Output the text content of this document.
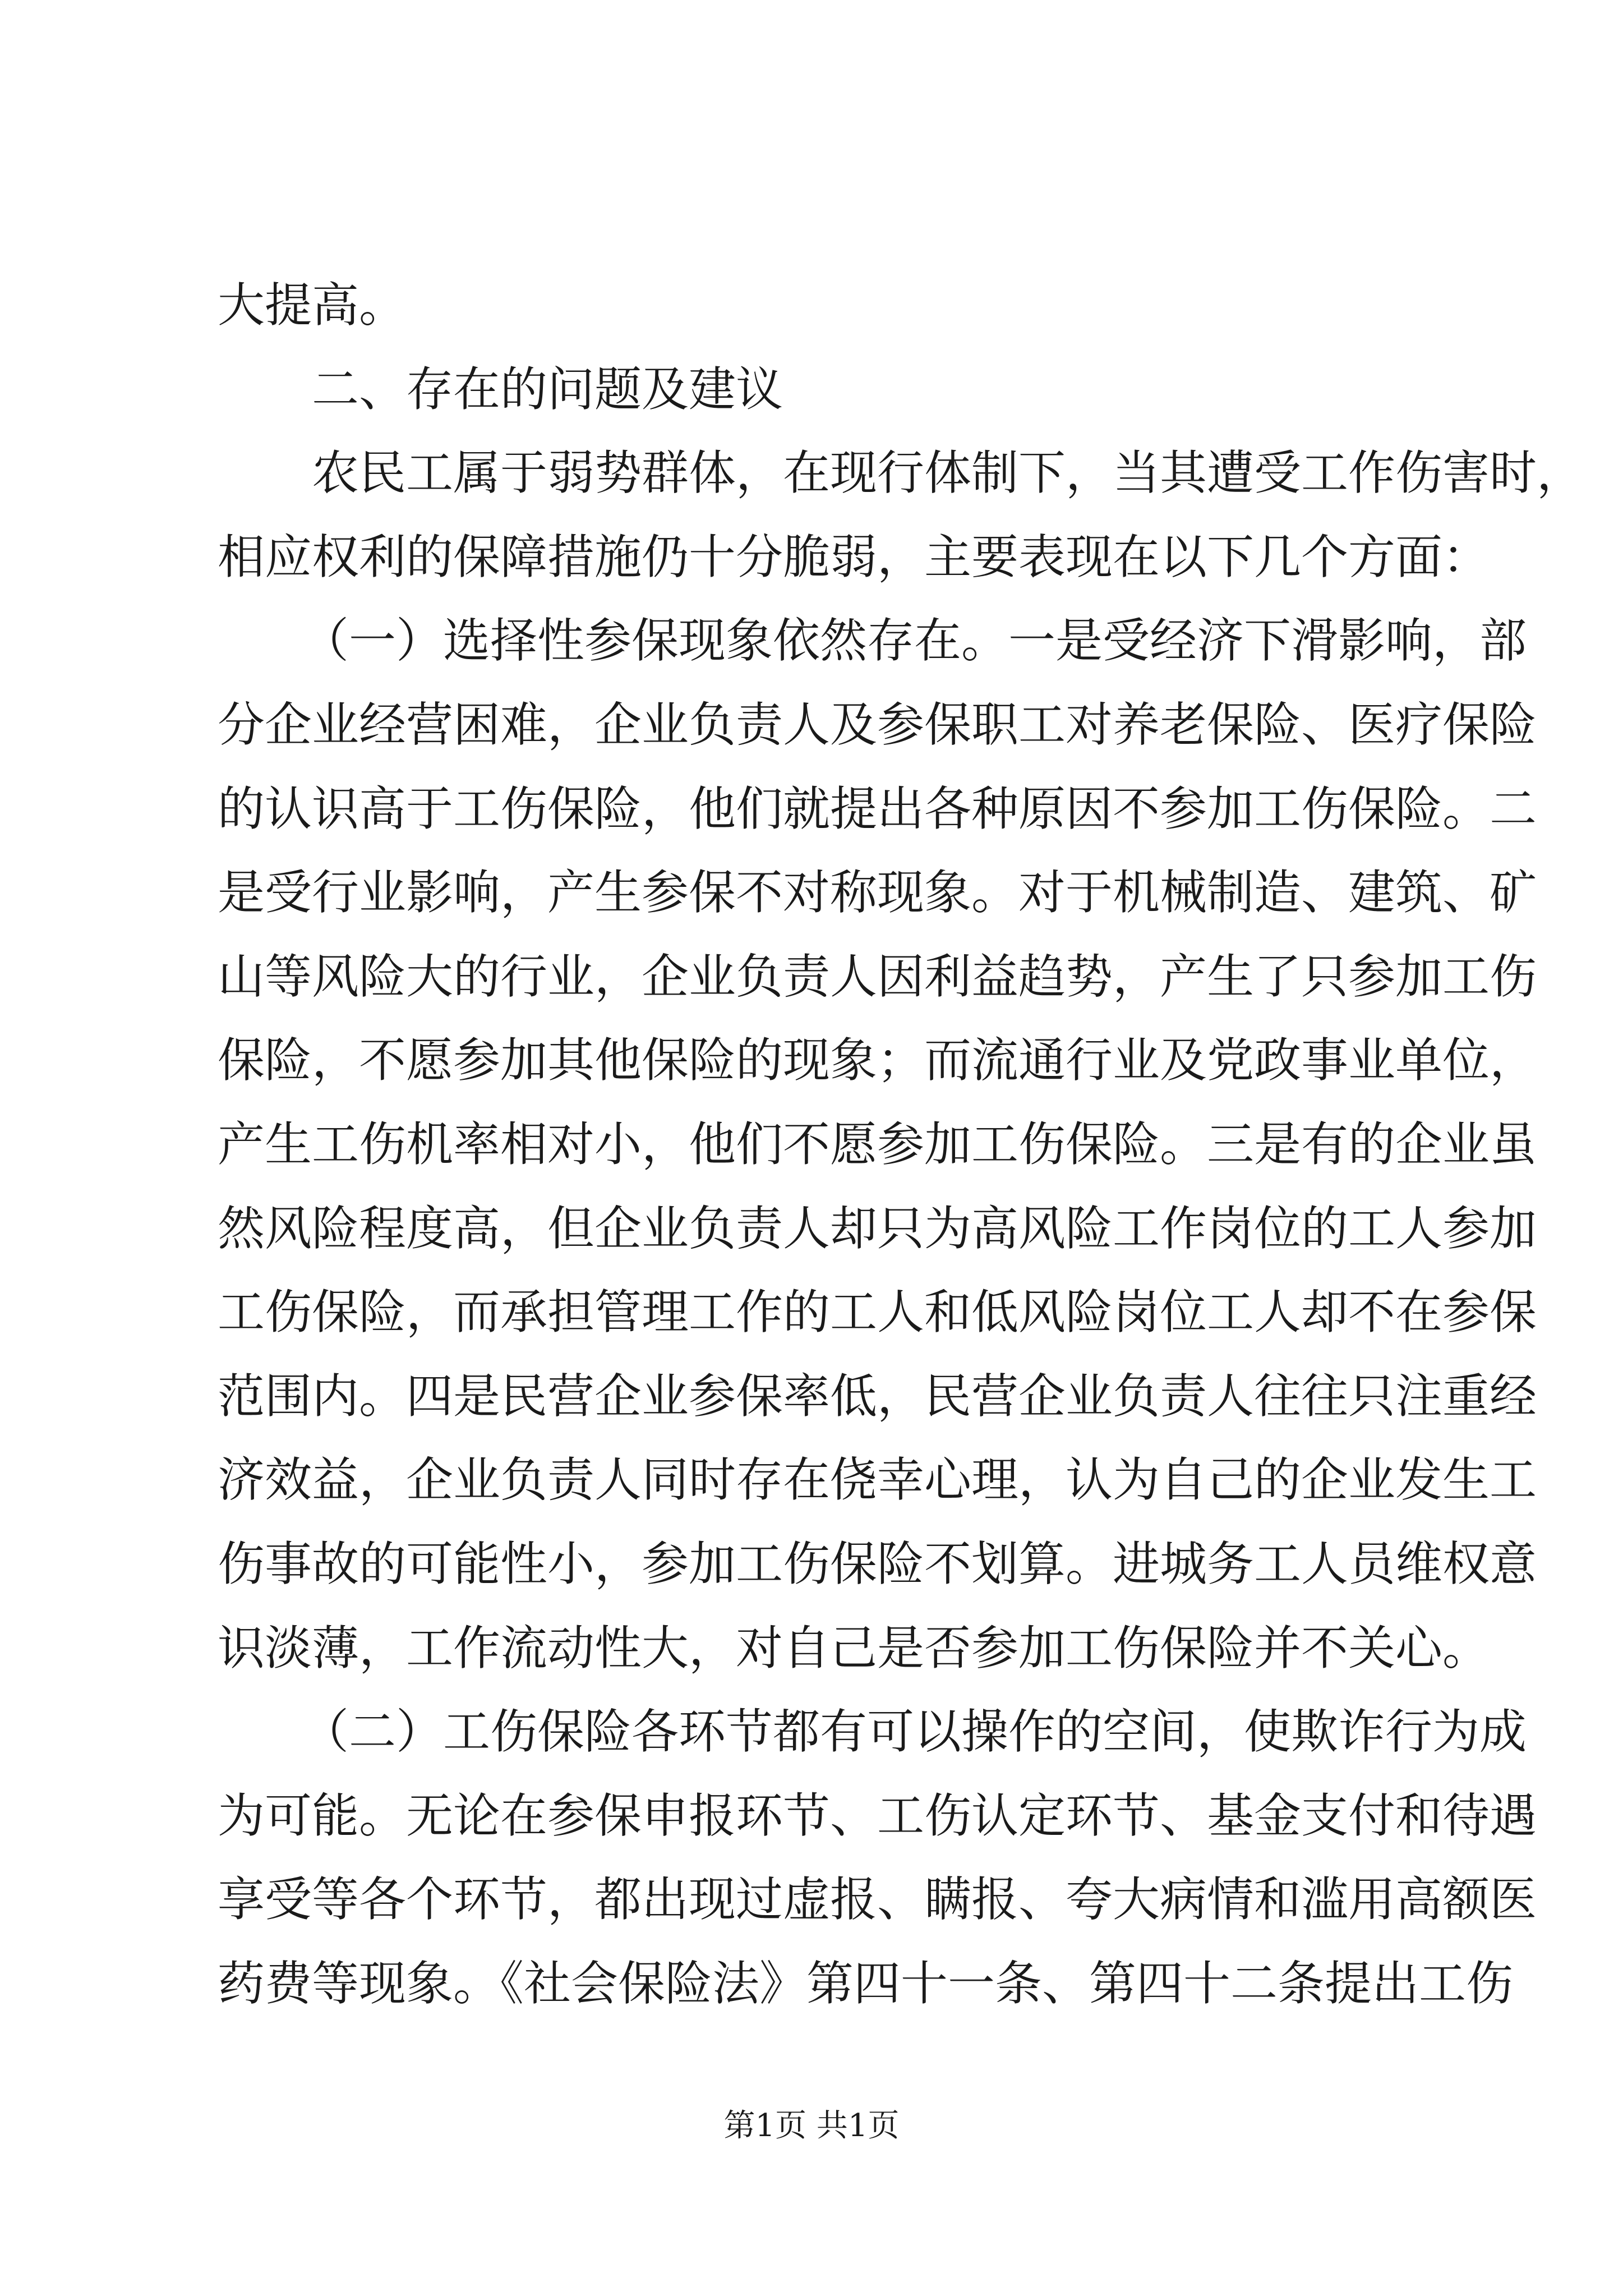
大提高。
二、存在的问题及建议
农民工属于弱势群体，在现行体制下，当其遭受工作伤害时，
相应权利的保障措施仍十分脆弱，主要表现在以下几个方面：
（一）选择性参保现象依然存在。一是受经济下滑影响，部
分企业经营困难，企业负责人及参保职工对养老保险、医疗保险
的认识高于工伤保险，他们就提出各种原因不参加工伤保险。二
是受行业影响，产生参保不对称现象。对于机械制造、建筑、矿
山等风险大的行业，企业负责人因利益趋势，产生了只参加工伤
保险，不愿参加其他保险的现象；而流通行业及党政事业单位，
产生工伤机率相对小，他们不愿参加工伤保险。三是有的企业虽
然风险程度高，但企业负责人却只为高风险工作岗位的工人参加
工伤保险，而承担管理工作的工人和低风险岗位工人却不在参保
范围内。四是民营企业参保率低，民营企业负责人往往只注重经
济效益，企业负责人同时存在侥幸心理，认为自己的企业发生工
伤事故的可能性小，参加工伤保险不划算。进城务工人员维权意
识淡薄，工作流动性大，对自己是否参加工伤保险并不关心。
（二）工伤保险各环节都有可以操作的空间，使欺诈行为成
为可能。无论在参保申报环节、工伤认定环节、基金支付和待遇
享受等各个环节，都出现过虚报、瞒报、夸大病情和滥用高额医
药费等现象。《社会保险法》第四十一条、第四十二条提出工伤
第1页 共1页
